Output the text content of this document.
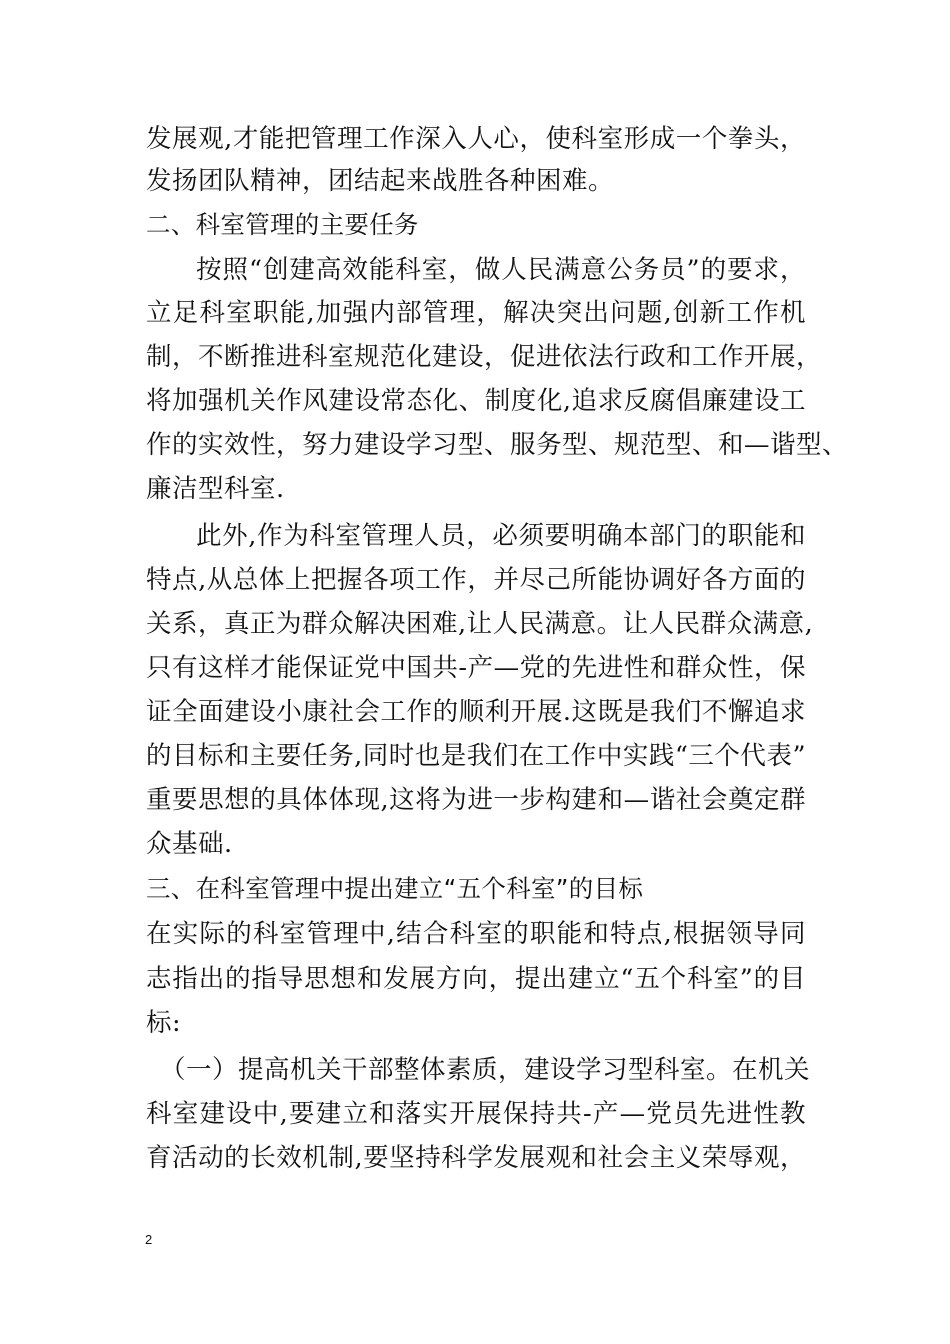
发展观,才能把管理工作深入人心，使科室形成一个拳头，
发扬团队精神，团结起来战胜各种困难。
二、科室管理的主要任务
按照“创建高效能科室，做人民满意公务员”的要求，
立足科室职能,加强内部管理，解决突出问题,创新工作机
制，不断推进科室规范化建设，促进依法行政和工作开展，
将加强机关作风建设常态化、制度化,追求反腐倡廉建设工
作的实效性，努力建设学习型、服务型、规范型、和—谐型、
廉洁型科室.
此外,作为科室管理人员，必须要明确本部门的职能和
特点,从总体上把握各项工作，并尽己所能协调好各方面的
关系，真正为群众解决困难,让人民满意。让人民群众满意,
只有这样才能保证党中国共-产—党的先进性和群众性，保
证全面建设小康社会工作的顺利开展.这既是我们不懈追求
的目标和主要任务,同时也是我们在工作中实践“三个代表”
重要思想的具体体现,这将为进一步构建和—谐社会奠定群
众基础.
三、在科室管理中提出建立“五个科室”的目标
在实际的科室管理中,结合科室的职能和特点,根据领导同
志指出的指导思想和发展方向，提出建立“五个科室”的目
标:
（一）提高机关干部整体素质，建设学习型科室。在机关
科室建设中,要建立和落实开展保持共-产—党员先进性教
育活动的长效机制,要坚持科学发展观和社会主义荣辱观，
2
